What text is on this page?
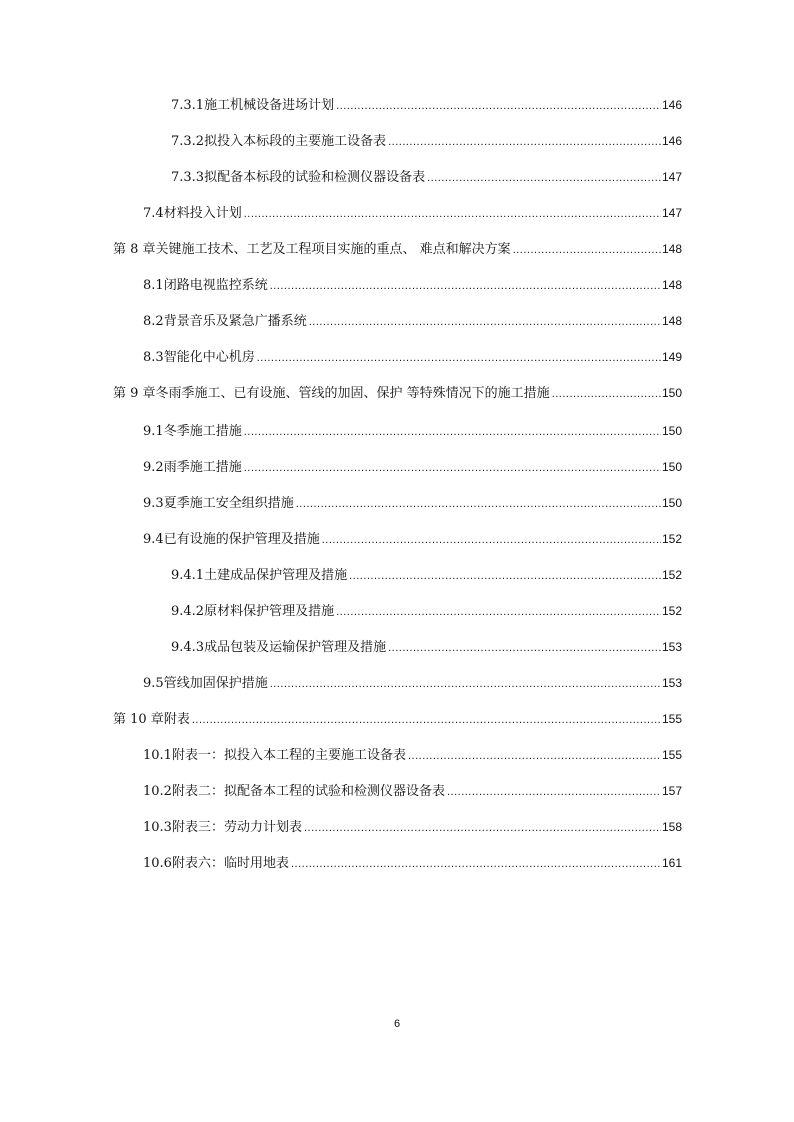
7.3.1 施工机械设备进场计划 .....	146
7.3.2 拟投入本标段的主要施工设备表 .....	146
7.3.3 拟配备本标段的试验和检测仪器设备表 .....	147
7.4 材料投入计划 .....	147
第 8 章 关键施工技术、工艺及工程项目实施的重点、 难点和解决方案 .....	148
8.1 闭路电视监控系统 .....	148
8.2 背景音乐及紧急广播系统 .....	148
8.3 智能化中心机房 .....	149
第 9 章 冬雨季施工、已有设施、管线的加固、保护 等特殊情况下的施工措施 .....	150
9.1 冬季施工措施 .....	150
9.2 雨季施工措施 .....	150
9.3 夏季施工安全组织措施 .....	150
9.4 已有设施的保护管理及措施 .....	152
9.4.1 土建成品保护管理及措施 .....	152
9.4.2 原材料保护管理及措施 .....	152
9.4.3 成品包装及运输保护管理及措施 .....	153
9.5 管线加固保护措施 .....	153
第 10 章 附表 .....	155
10.1 附表一：拟投入本工程的主要施工设备表 .....	155
10.2 附表二：拟配备本工程的试验和检测仪器设备表 .....	157
10.3 附表三：劳动力计划表 .....	158
10.6 附表六：临时用地表 .....	161
6
